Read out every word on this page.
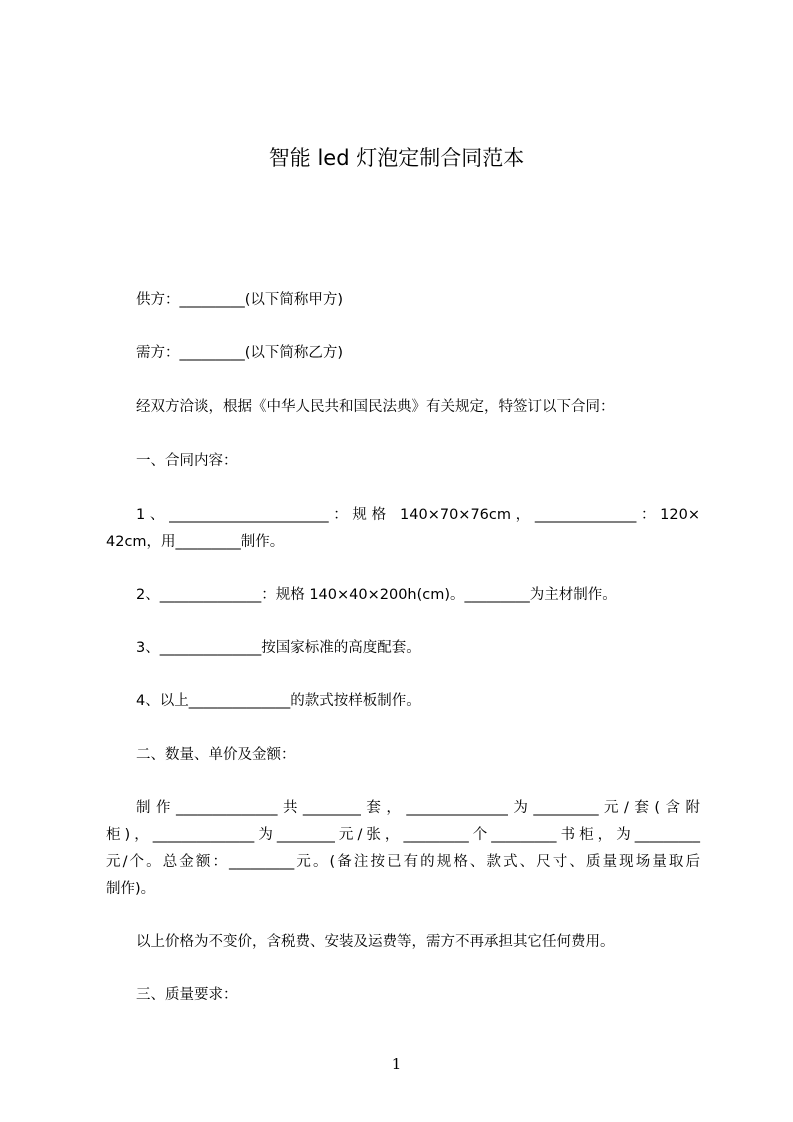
智能 led 灯泡定制合同范本
供方：_________(以下简称甲方)
需方：_________(以下简称乙方)
经双方洽谈，根据《中华人民共和国民法典》有关规定，特签订以下合同：
一、合同内容：
1、______________________：规格 140×70×76cm，______________：120×
42cm，用_________制作。
2、______________：规格 140×40×200h(cm)。_________为主材制作。
3、______________按国家标准的高度配套。
4、以上______________的款式按样板制作。
二、数量、单价及金额：
制作______________共________套，______________为_________元/套(含附
柜)，______________为________元/张，_________个_________书柜，为_________
元/个。总金额：_________元。(备注按已有的规格、款式、尺寸、质量现场量取后
制作)。
以上价格为不变价，含税费、安装及运费等，需方不再承担其它任何费用。
三、质量要求：
1
